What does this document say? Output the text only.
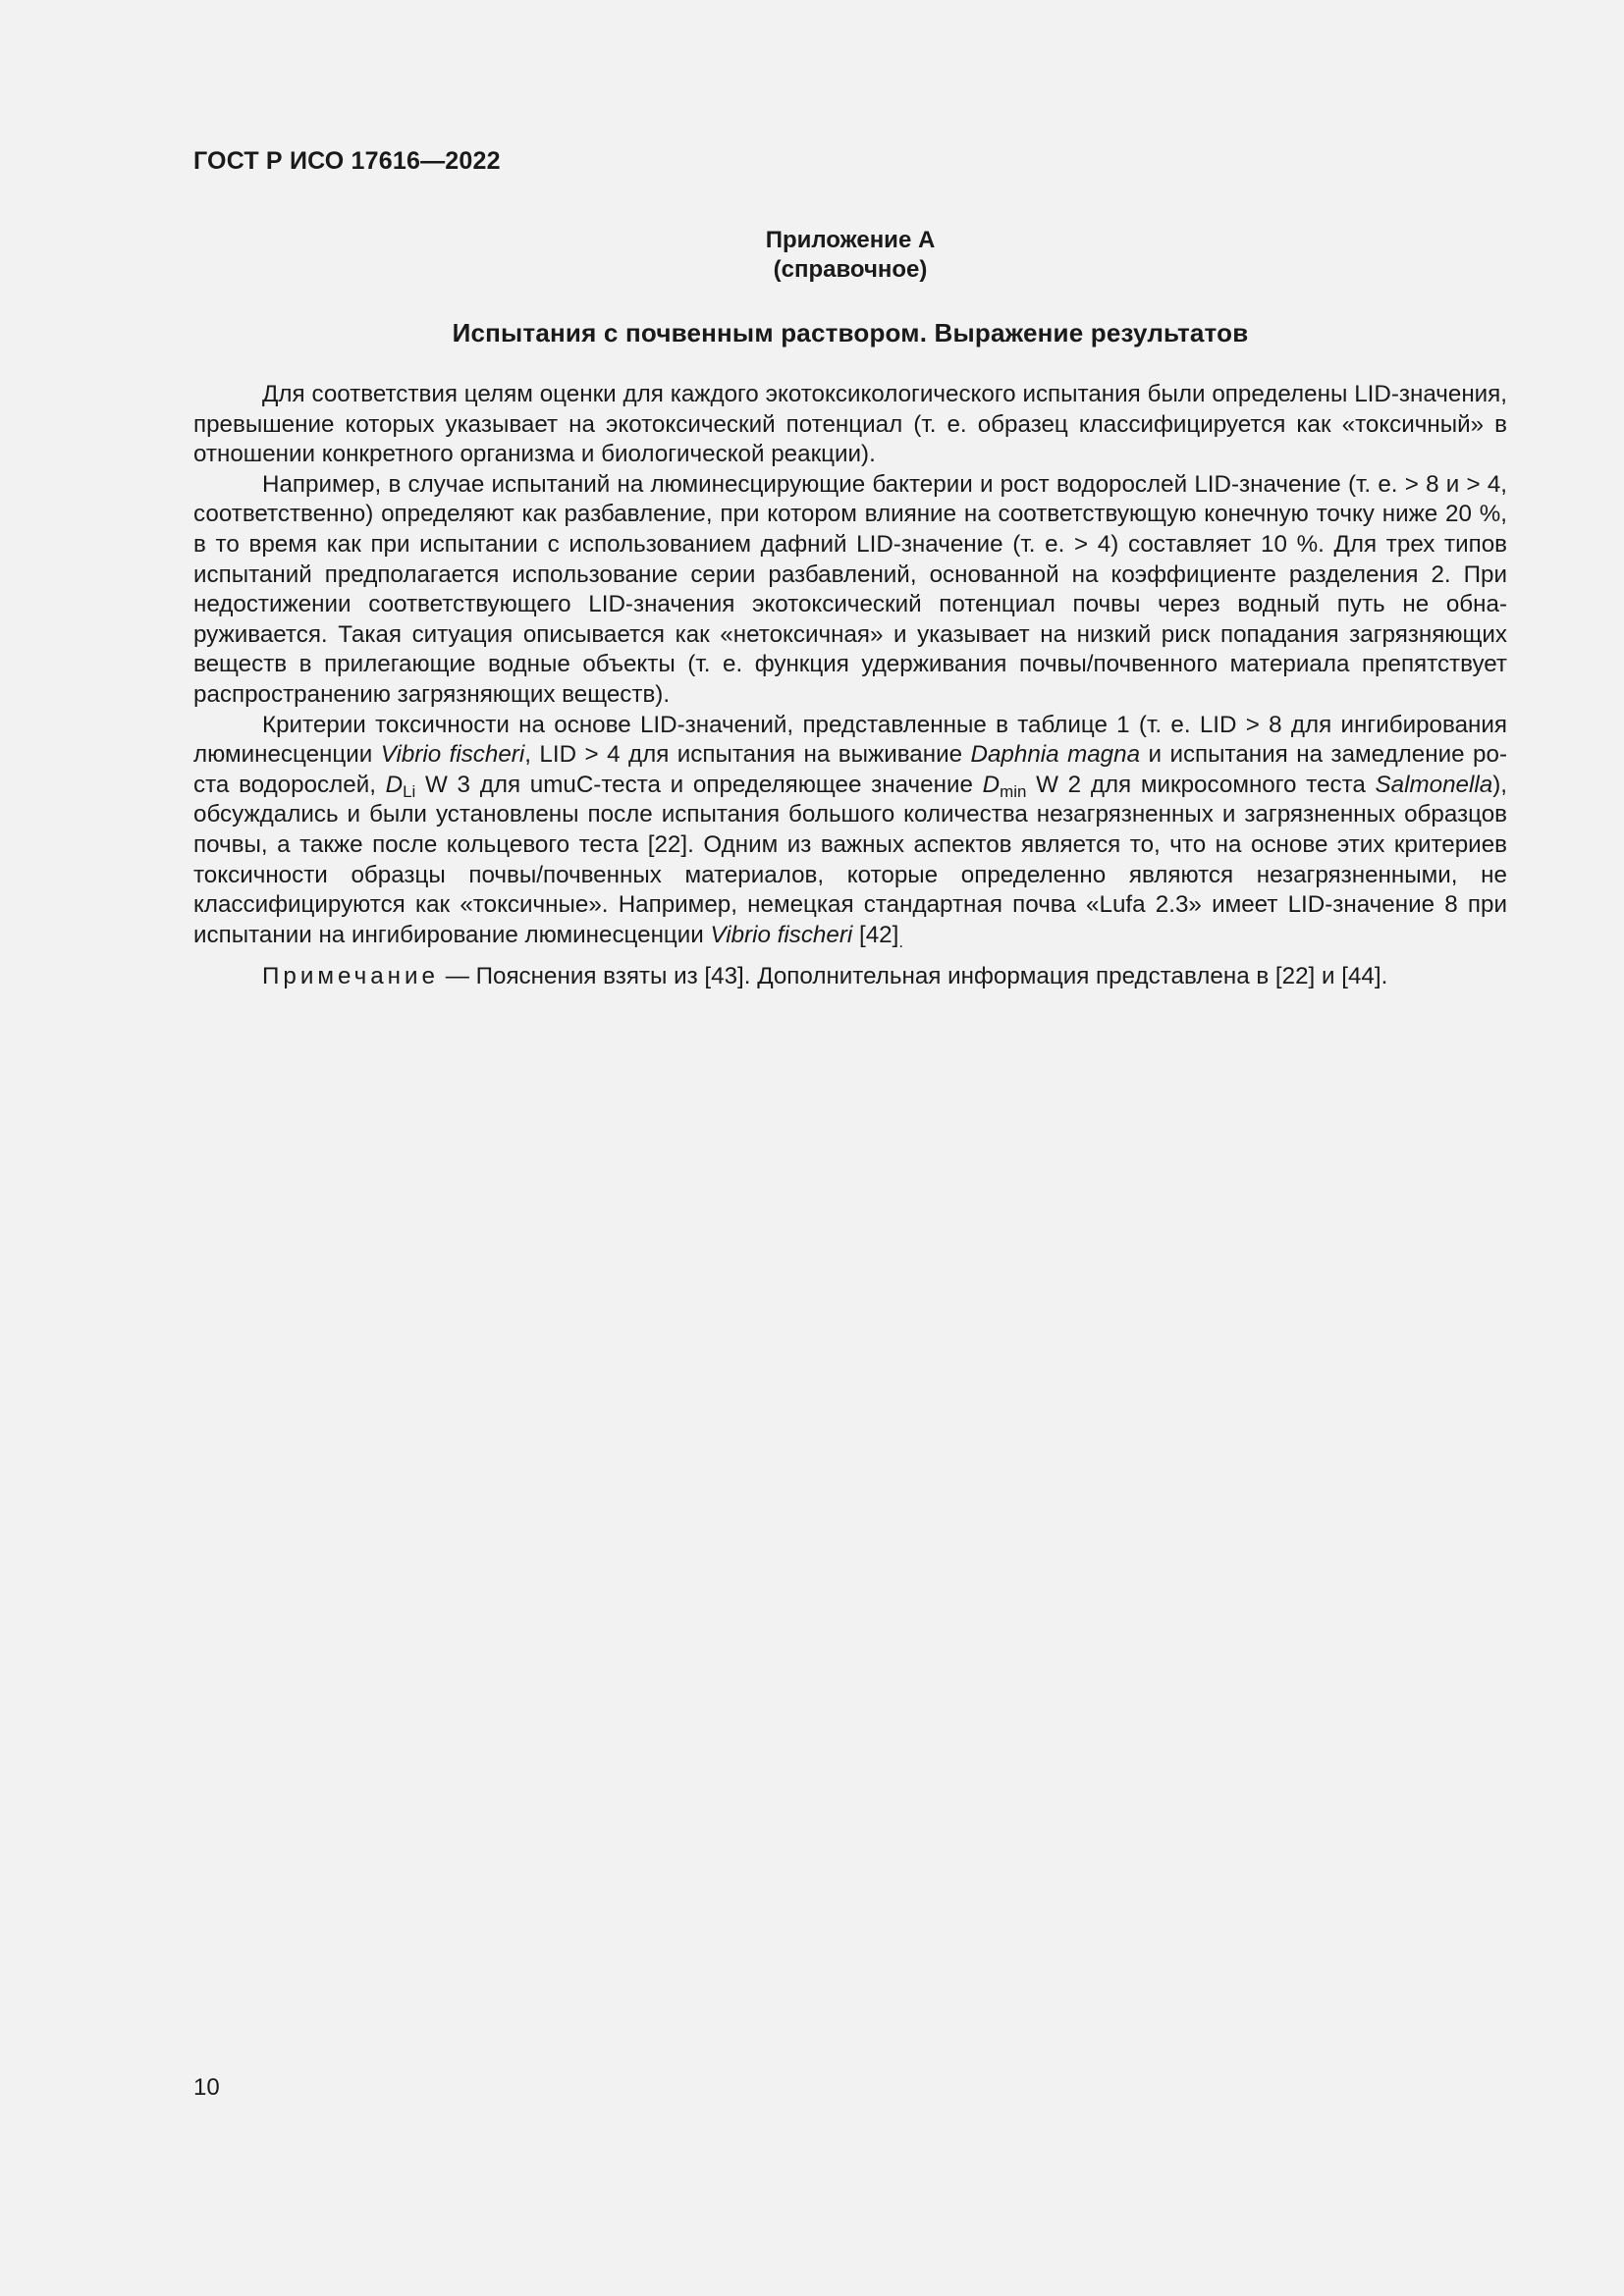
ГОСТ Р ИСО 17616—2022
Приложение А
(справочное)
Испытания с почвенным раствором. Выражение результатов

Для соответствия целям оценки для каждого экотоксикологического испытания были определены LID-значения, превышение которых указывает на экотоксический потенциал (т. е. образец классифицируется как «токсичный» в отношении конкретного организма и биологической реакции).

Например, в случае испытаний на люминесцирующие бактерии и рост водорослей LID-значение (т. е. > 8 и > 4, соответственно) определяют как разбавление, при котором влияние на соответствующую конечную точку ниже 20 %, в то время как при испытании с использованием дафний LID-значение (т. е. > 4) составляет 10 %. Для трех типов испытаний предполагается использование серии разбавлений, основанной на коэффициенте разделения 2. При недостижении соответствующего LID-значения экотоксический потенциал почвы через водный путь не обнаруживается. Такая ситуация описывается как «нетоксичная» и указывает на низкий риск попадания загрязняющих веществ в прилегающие водные объекты (т. е. функция удерживания почвы/почвенного материала препятствует распространению загрязняющих веществ).

Критерии токсичности на основе LID-значений, представленные в таблице 1 (т. е. LID > 8 для ингибирования люминесценции Vibrio fischeri, LID > 4 для испытания на выживание Daphnia magna и испытания на замедление роста водорослей, $D_{Li}$ W 3 для umuC-теста и определяющее значение $D_{min}$ W 2 для микросомного теста Salmonella), обсуждались и были установлены после испытания большого количества незагрязненных и загрязненных образцов почвы, а также после кольцевого теста [22]. Одним из важных аспектов является то, что на основе этих критериев токсичности образцы почвы/почвенных материалов, которые определенно являются незагрязненными, не классифицируются как «токсичные». Например, немецкая стандартная почва «Lufa 2.3» имеет LID-значение 8 при испытании на ингибирование люминесценции Vibrio fischeri $[42]_.$

Примечание — Пояснения взяты из [43]. Дополнительная информация представлена в [22] и [44].

10
